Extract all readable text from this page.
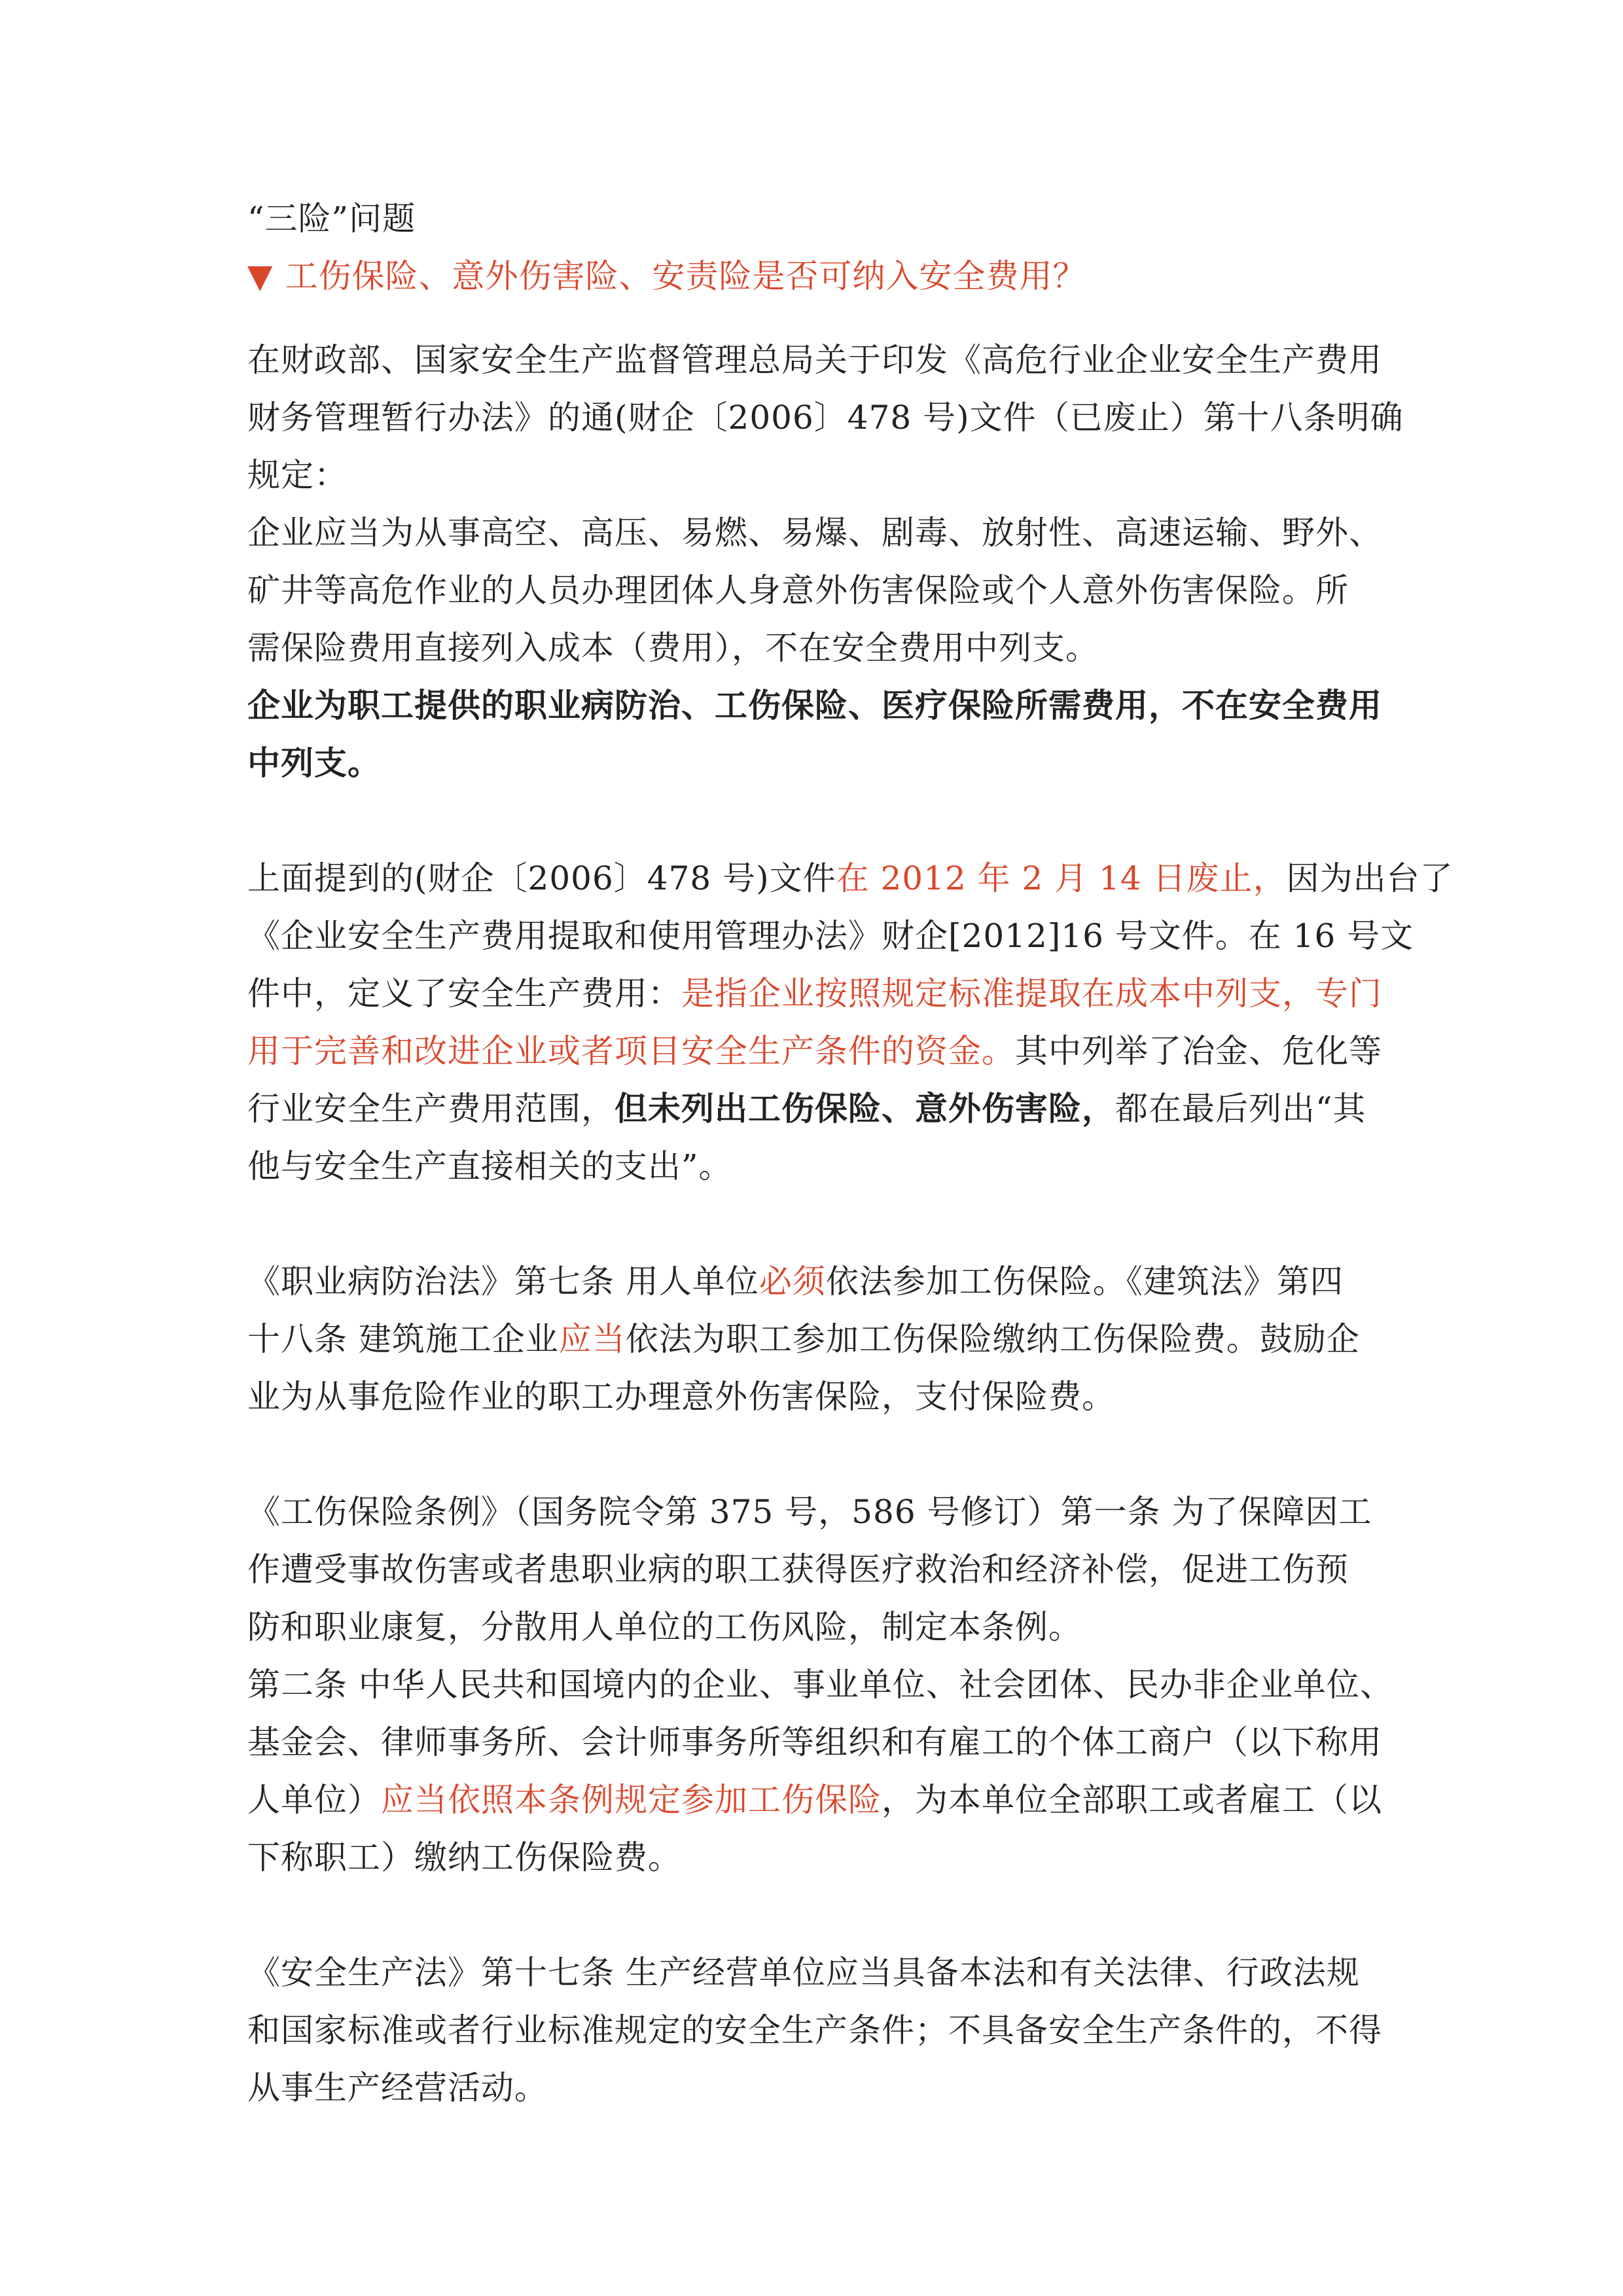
“三险”问题
▼ 工伤保险、意外伤害险、安责险是否可纳入安全费用？
在财政部、国家安全生产监督管理总局关于印发《高危行业企业安全生产费用
财务管理暂行办法》的通(财企〔2006〕478 号)文件（已废止）第十八条明确
规定：
企业应当为从事高空、高压、易燃、易爆、剧毒、放射性、高速运输、野外、
矿井等高危作业的人员办理团体人身意外伤害保险或个人意外伤害保险。所
需保险费用直接列入成本（费用），不在安全费用中列支。
企业为职工提供的职业病防治、工伤保险、医疗保险所需费用，不在安全费用
中列支。
上面提到的(财企〔2006〕478 号)文件在 2012 年 2 月 14 日废止，因为出台了
《企业安全生产费用提取和使用管理办法》财企[2012]16 号文件。在 16 号文
件中，定义了安全生产费用：是指企业按照规定标准提取在成本中列支，专门
用于完善和改进企业或者项目安全生产条件的资金。其中列举了冶金、危化等
行业安全生产费用范围，但未列出工伤保险、意外伤害险，都在最后列出“其
他与安全生产直接相关的支出”。
《职业病防治法》第七条 用人单位必须依法参加工伤保险。《建筑法》第四
十八条 建筑施工企业应当依法为职工参加工伤保险缴纳工伤保险费。鼓励企
业为从事危险作业的职工办理意外伤害保险，支付保险费。
《工伤保险条例》（国务院令第 375 号，586 号修订）第一条 为了保障因工
作遭受事故伤害或者患职业病的职工获得医疗救治和经济补偿，促进工伤预
防和职业康复，分散用人单位的工伤风险，制定本条例。
第二条 中华人民共和国境内的企业、事业单位、社会团体、民办非企业单位、
基金会、律师事务所、会计师事务所等组织和有雇工的个体工商户（以下称用
人单位）应当依照本条例规定参加工伤保险，为本单位全部职工或者雇工（以
下称职工）缴纳工伤保险费。
《安全生产法》第十七条 生产经营单位应当具备本法和有关法律、行政法规
和国家标准或者行业标准规定的安全生产条件；不具备安全生产条件的，不得
从事生产经营活动。
